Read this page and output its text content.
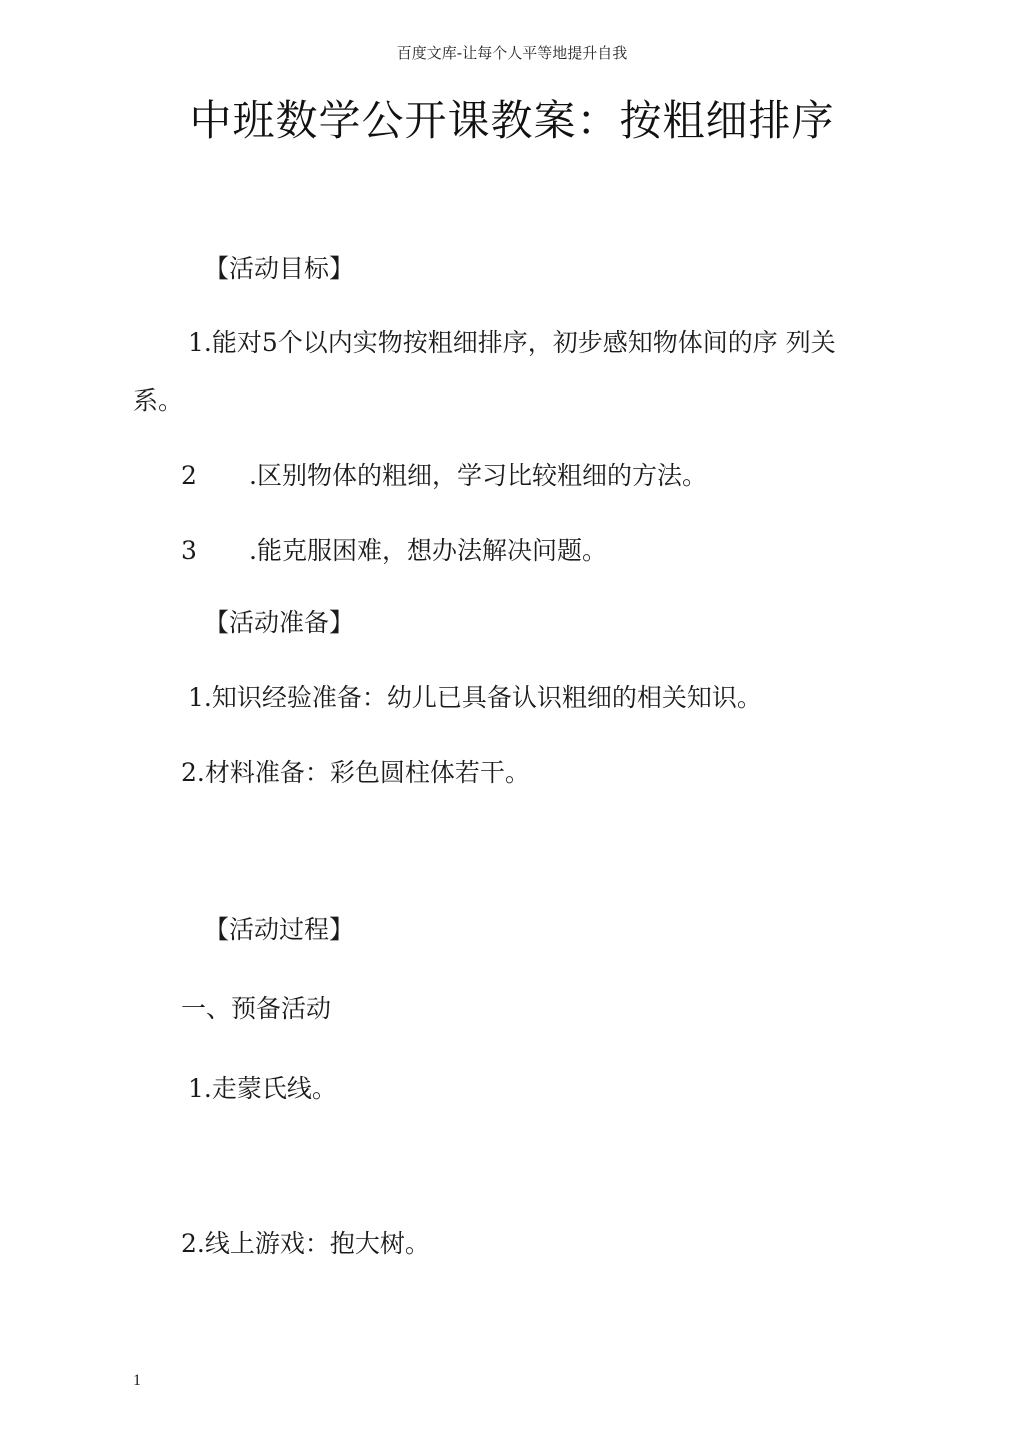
百度文库-让每个人平等地提升自我
中班数学公开课教案：按粗细排序
【活动目标】
1.能对5个以内实物按粗细排序，初步感知物体间的序 列关
系。
2 .区别物体的粗细，学习比较粗细的方法。
3 .能克服困难，想办法解决问题。
【活动准备】
1.知识经验准备：幼儿已具备认识粗细的相关知识。
2.材料准备：彩色圆柱体若干。
【活动过程】
一、预备活动
1.走蒙氏线。
2.线上游戏：抱大树。
1
